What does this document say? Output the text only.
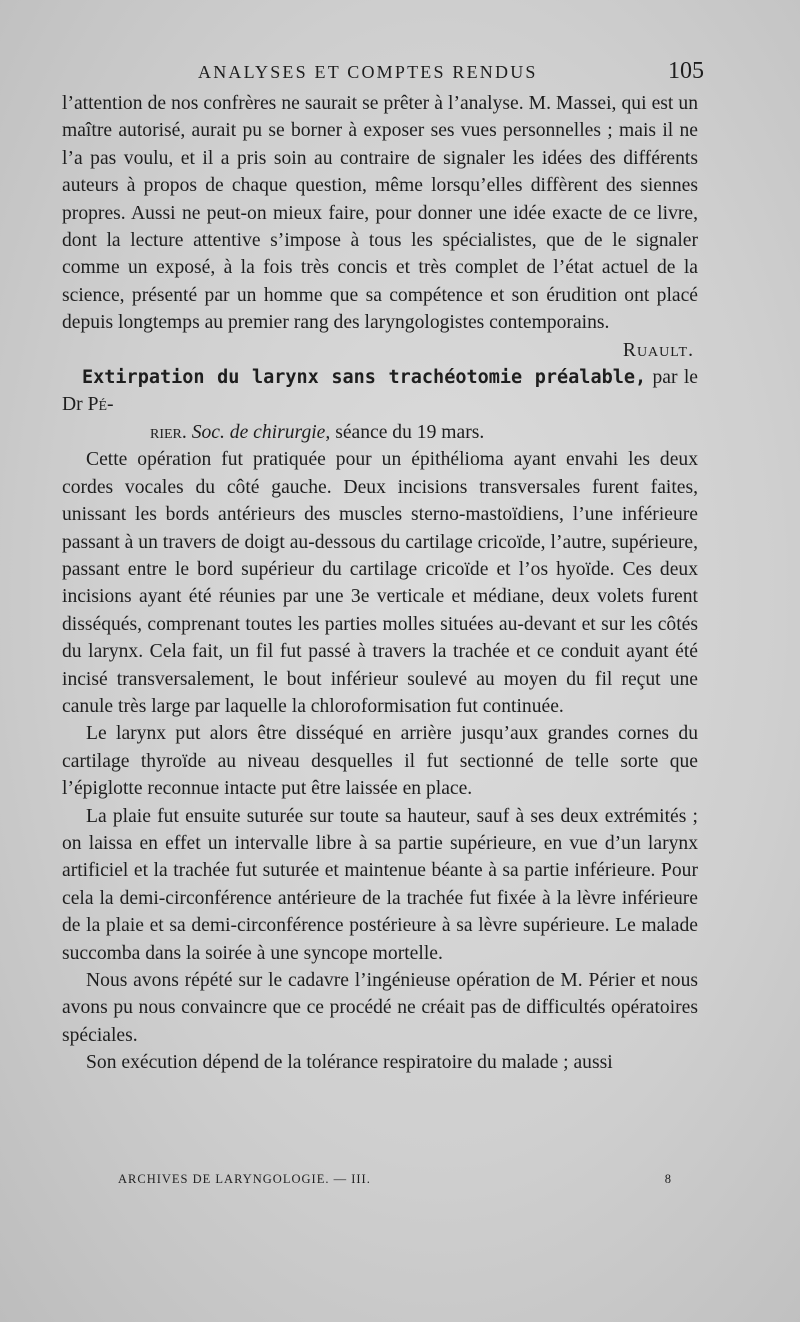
ANALYSES ET COMPTES RENDUS	105

l’attention de nos confrères ne saurait se prêter à l’analyse. M. Massei, qui est un maître autorisé, aurait pu se borner à exposer ses vues personnelles ; mais il ne l’a pas voulu, et il a pris soin au contraire de signaler les idées des différents auteurs à propos de chaque question, même lorsqu’elles diffèrent des siennes propres. Aussi ne peut-on mieux faire, pour donner une idée exacte de ce livre, dont la lecture attentive s’impose à tous les spécialistes, que de le signaler comme un exposé, à la fois très concis et très complet de l’état actuel de la science, présenté par un homme que sa compétence et son érudition ont placé depuis longtemps au premier rang des laryngologistes contemporains.

Ruault.

Extirpation du larynx sans trachéotomie préalable, par le Dr Pé-
rier. Soc. de chirurgie, séance du 19 mars.

Cette opération fut pratiquée pour un épithélioma ayant envahi les deux cordes vocales du côté gauche. Deux incisions transversales furent faites, unissant les bords antérieurs des muscles sterno-mastoïdiens, l’une inférieure passant à un travers de doigt au-dessous du cartilage cricoïde, l’autre, supérieure, passant entre le bord supérieur du cartilage cricoïde et l’os hyoïde. Ces deux incisions ayant été réunies par une 3e verticale et médiane, deux volets furent disséqués, comprenant toutes les parties molles situées au-devant et sur les côtés du larynx. Cela fait, un fil fut passé à travers la trachée et ce conduit ayant été incisé transversalement, le bout inférieur soulevé au moyen du fil reçut une canule très large par laquelle la chloroformisation fut continuée.

Le larynx put alors être disséqué en arrière jusqu’aux grandes cornes du cartilage thyroïde au niveau desquelles il fut sectionné de telle sorte que l’épiglotte reconnue intacte put être laissée en place.

La plaie fut ensuite suturée sur toute sa hauteur, sauf à ses deux extrémités ; on laissa en effet un intervalle libre à sa partie supérieure, en vue d’un larynx artificiel et la trachée fut suturée et maintenue béante à sa partie inférieure. Pour cela la demi-circonférence antérieure de la trachée fut fixée à la lèvre inférieure de la plaie et sa demi-circonférence postérieure à sa lèvre supérieure. Le malade succomba dans la soirée à une syncope mortelle.

Nous avons répété sur le cadavre l’ingénieuse opération de M. Périer et nous avons pu nous convaincre que ce procédé ne créait pas de difficultés opératoires spéciales.

Son exécution dépend de la tolérance respiratoire du malade ; aussi

ARCHIVES DE LARYNGOLOGIE. — III.	8
